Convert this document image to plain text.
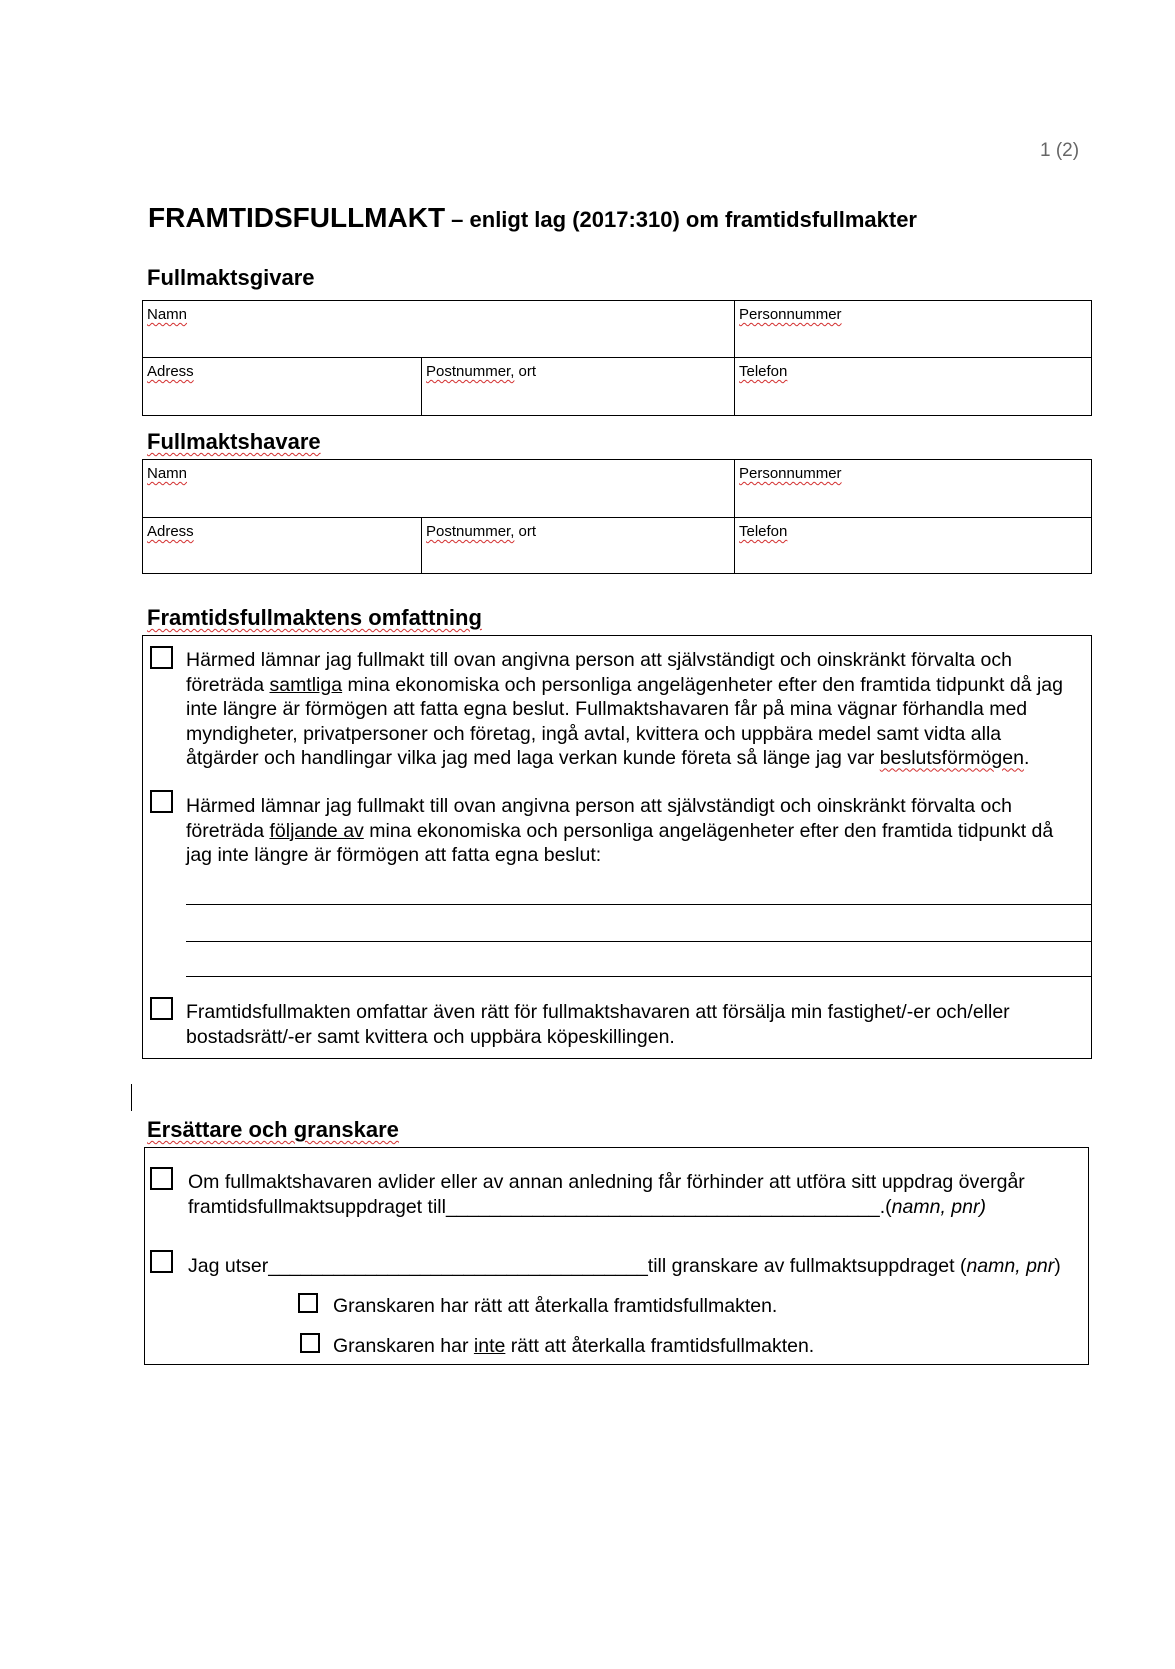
1 (2)
FRAMTIDSFULLMAKT – enligt lag (2017:310) om framtidsfullmakter
Fullmaktsgivare
Namn	Personnummer
Adress	Postnummer, ort	Telefon
Fullmaktshavare
Namn	Personnummer
Adress	Postnummer, ort	Telefon
Framtidsfullmaktens omfattning
Härmed lämnar jag fullmakt till ovan angivna person att självständigt och oinskränkt förvalta och
företräda samtliga mina ekonomiska och personliga angelägenheter efter den framtida tidpunkt då jag
inte längre är förmögen att fatta egna beslut. Fullmaktshavaren får på mina vägnar förhandla med
myndigheter, privatpersoner och företag, ingå avtal, kvittera och uppbära medel samt vidta alla
åtgärder och handlingar vilka jag med laga verkan kunde företa så länge jag var beslutsförmögen.
Härmed lämnar jag fullmakt till ovan angivna person att självständigt och oinskränkt förvalta och
företräda följande av mina ekonomiska och personliga angelägenheter efter den framtida tidpunkt då
jag inte längre är förmögen att fatta egna beslut:
Framtidsfullmakten omfattar även rätt för fullmaktshavaren att försälja min fastighet/-er och/eller
bostadsrätt/-er samt kvittera och uppbära köpeskillingen.
Ersättare och granskare
Om fullmaktshavaren avlider eller av annan anledning får förhinder att utföra sitt uppdrag övergår
framtidsfullmaktsuppdraget till________________________________________.(namn, pnr)
Jag utser___________________________________till granskare av fullmaktsuppdraget (namn, pnr)
Granskaren har rätt att återkalla framtidsfullmakten.
Granskaren har inte rätt att återkalla framtidsfullmakten.
